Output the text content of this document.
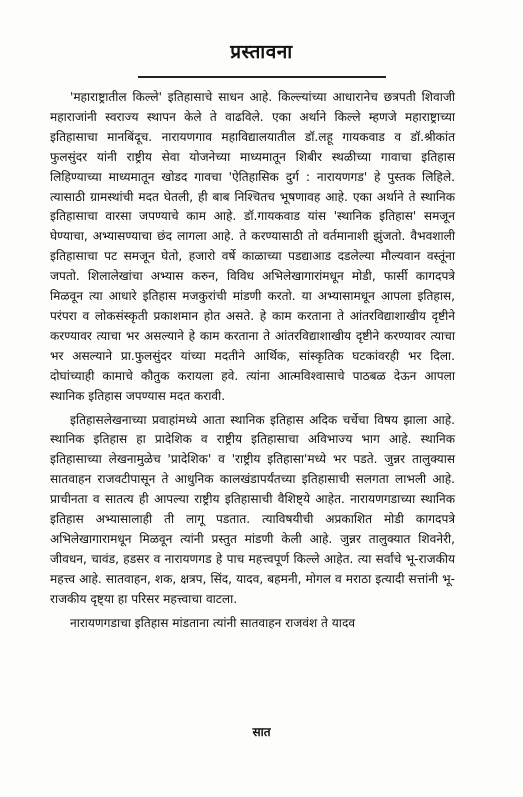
प्रस्तावना

'महाराष्ट्रातील किल्ले' इतिहासाचे साधन आहे. किल्ल्यांच्या आधारानेच छत्रपती शिवाजी महाराजांनी स्वराज्य स्थापन केले ते वाढविले. एका अर्थाने किल्ले म्हणजे महाराष्ट्राच्या इतिहासाचा मानबिंदूच. नारायणगाव महाविद्यालयातील डॉ.लहू गायकवाड व डॉ.श्रीकांत फुलसुंदर यांनी राष्ट्रीय सेवा योजनेच्या माध्यमातून शिबीर स्थळीच्या गावाचा इतिहास लिहिण्याच्या माध्यमातून खोडद गावचा 'ऐतिहासिक दुर्ग : नारायणगड' हे पुस्तक लिहिले. त्यासाठी ग्रामस्थांची मदत घेतली, ही बाब निश्चितच भूषणावह आहे. एका अर्थाने ते स्थानिक इतिहासाचा वारसा जपण्याचे काम आहे. डॉ.गायकवाड यांस 'स्थानिक इतिहास' समजून घेण्याचा, अभ्यासण्याचा छंद लागला आहे. ते करण्यासाठी तो वर्तमानाशी झुंजतो. वैभवशाली इतिहासाचा पट समजून घेतो, हजारो वर्षे काळाच्या पडद्याआड दडलेल्या मौल्यवान वस्तूंना जपतो. शिलालेखांचा अभ्यास करुन, विविध अभिलेखागारांमधून मोडी, फार्सी कागदपत्रे मिळवून त्या आधारे इतिहास मजकुरांची मांडणी करतो. या अभ्यासामधून आपला इतिहास, परंपरा व लोकसंस्कृती प्रकाशमान होत असते. हे काम करताना ते आंतरविद्याशाखीय दृष्टीने करण्यावर त्याचा भर असल्याने हे काम करताना ते आंतरविद्याशाखीय दृष्टीने करण्यावर त्याचा भर असल्याने प्रा.फुलसुंदर यांच्या मदतीने आर्थिक, सांस्कृतिक घटकांवरही भर दिला. दोघांच्याही कामाचे कौतुक करायला हवे. त्यांना आत्मविश्वासाचे पाठबळ देऊन आपला स्थानिक इतिहास जपण्यास मदत करावी.

इतिहासलेखनाच्या प्रवाहांमध्ये आता स्थानिक इतिहास अदिक चर्चेचा विषय झाला आहे. स्थानिक इतिहास हा प्रादेशिक व राष्ट्रीय इतिहासाचा अविभाज्य भाग आहे. स्थानिक इतिहासाच्या लेखनामुळेच 'प्रादेशिक' व 'राष्ट्रीय इतिहासा'मध्ये भर पडते. जुन्नर तालुक्यास सातवाहन राजवटीपासून ते आधुनिक कालखंडापर्यंतच्या इतिहासाची सलगता लाभली आहे. प्राचीनता व सातत्य ही आपल्या राष्ट्रीय इतिहासाची वैशिष्ट्ये आहेत. नारायणगडाच्या स्थानिक इतिहास अभ्यासालाही ती लागू पडतात. त्याविषयीची अप्रकाशित मोडी कागदपत्रे अभिलेखागारामधून मिळवून त्यांनी प्रस्तुत मांडणी केली आहे. जुन्नर तालुक्यात शिवनेरी, जीवधन, चावंड, हडसर व नारायणगड हे पाच महत्त्वपूर्ण किल्ले आहेत. त्या सर्वांचे भू-राजकीय महत्त्व आहे. सातवाहन, शक, क्षत्रप, सिंद, यादव, बहमनी, मोगल व मराठा इत्यादी सत्तांनी भू-राजकीय दृष्ट्या हा परिसर महत्त्वाचा वाटला.

नारायणगडाचा इतिहास मांडताना त्यांनी सातवाहन राजवंश ते यादव

सात
